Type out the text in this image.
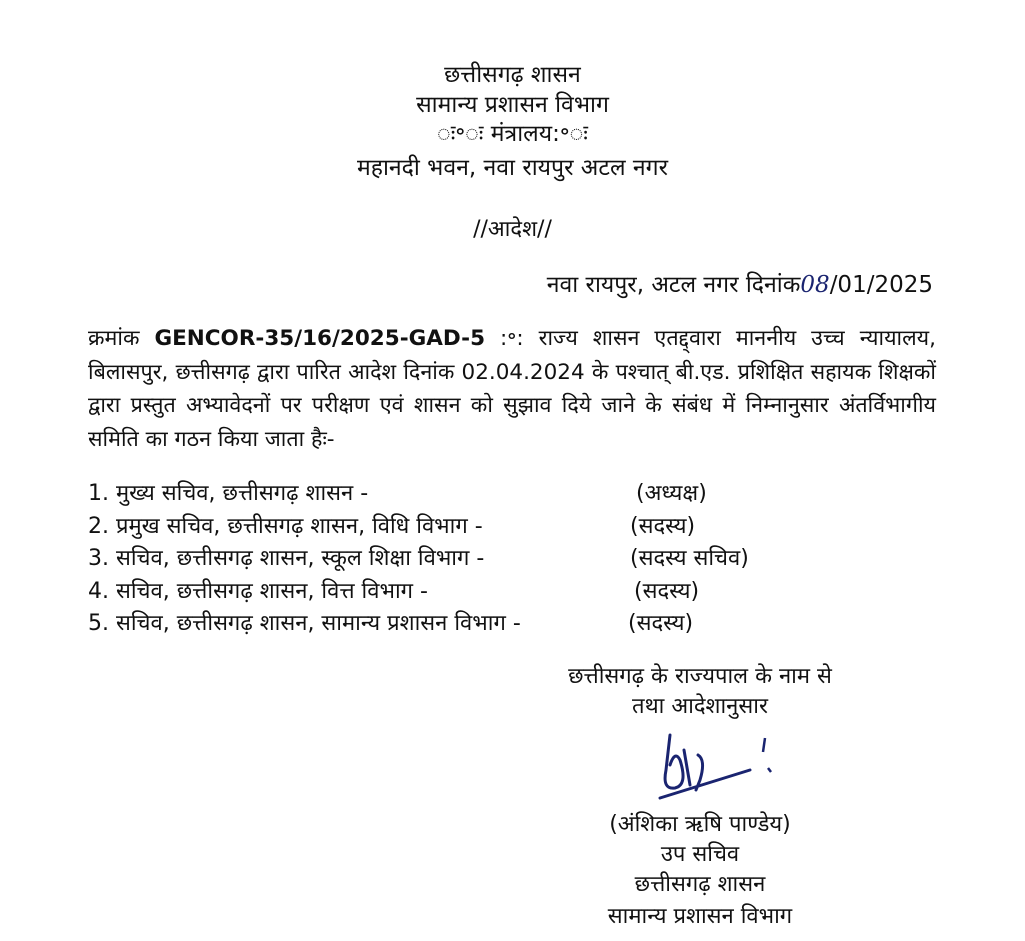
छत्तीसगढ़ शासन
सामान्य प्रशासन विभाग
ः॰ः मंत्रालय:॰ः
महानदी भवन, नवा रायपुर अटल नगर
//आदेश//
नवा रायपुर, अटल नगर दिनांक08/01/2025
क्रमांक GENCOR-35/16/2025-GAD-5 :॰: राज्य शासन एतद्द्वारा माननीय उच्च न्यायालय, बिलासपुर, छत्तीसगढ़ द्वारा पारित आदेश दिनांक 02.04.2024 के पश्चात् बी.एड. प्रशिक्षित सहायक शिक्षकों द्वारा प्रस्तुत अभ्यावेदनों पर परीक्षण एवं शासन को सुझाव दिये जाने के संबंध में निम्नानुसार अंतर्विभागीय समिति का गठन किया जाता हैः-
1. मुख्य सचिव, छत्तीसगढ़ शासन -	(अध्यक्ष)
2. प्रमुख सचिव, छत्तीसगढ़ शासन, विधि विभाग -	(सदस्य)
3. सचिव, छत्तीसगढ़ शासन, स्कूल शिक्षा विभाग -	(सदस्य सचिव)
4. सचिव, छत्तीसगढ़ शासन, वित्त विभाग -	(सदस्य)
5. सचिव, छत्तीसगढ़ शासन, सामान्य प्रशासन विभाग -	(सदस्य)
छत्तीसगढ़ के राज्यपाल के नाम से
तथा आदेशानुसार
(अंशिका ऋषि पाण्डेय)
उप सचिव
छत्तीसगढ़ शासन
सामान्य प्रशासन विभाग
